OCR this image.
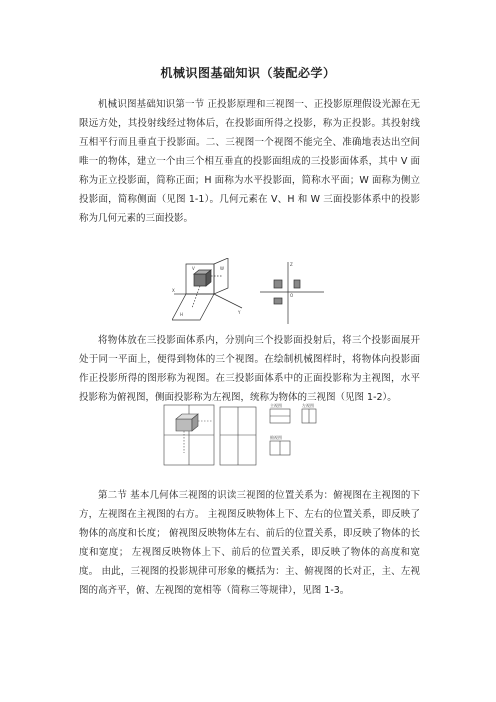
机械识图基础知识（装配必学）

机械识图基础知识第一节 正投影原理和三视图一、正投影原理假设光源在无限远方处，其投射线经过物体后，在投影面所得之投影，称为正投影。其投射线互相平行而且垂直于投影面。二、三视图一个视图不能完全、准确地表达出空间唯一的物体，建立一个由三个相互垂直的投影面组成的三投影面体系，其中 V 面称为正立投影面，简称正面；H 面称为水平投影面，简称水平面；W 面称为侧立投影面，简称侧面（见图 1-1）。几何元素在 V、H 和 W 三面投影体系中的投影称为几何元素的三面投影。

V	W
H
X
Y
Z
O

将物体放在三投影面体系内，分别向三个投影面投射后，将三个投影面展开处于同一平面上，便得到物体的三个视图。在绘制机械图样时，将物体向投影面作正投影所得的图形称为视图。在三投影面体系中的正面投影称为主视图，水平投影称为俯视图，侧面投影称为左视图，统称为物体的三视图（见图 1-2）。

主视图	左视图
俯视图

第二节 基本几何体三视图的识读三视图的位置关系为：俯视图在主视图的下方，左视图在主视图的右方。 主视图反映物体上下、左右的位置关系，即反映了物体的高度和长度； 俯视图反映物体左右、前后的位置关系，即反映了物体的长度和宽度； 左视图反映物体上下、前后的位置关系，即反映了物体的高度和宽度。 由此，三视图的投影规律可形象的概括为：主、俯视图的长对正，主、左视图的高齐平，俯、左视图的宽相等（简称三等规律），见图 1-3。
